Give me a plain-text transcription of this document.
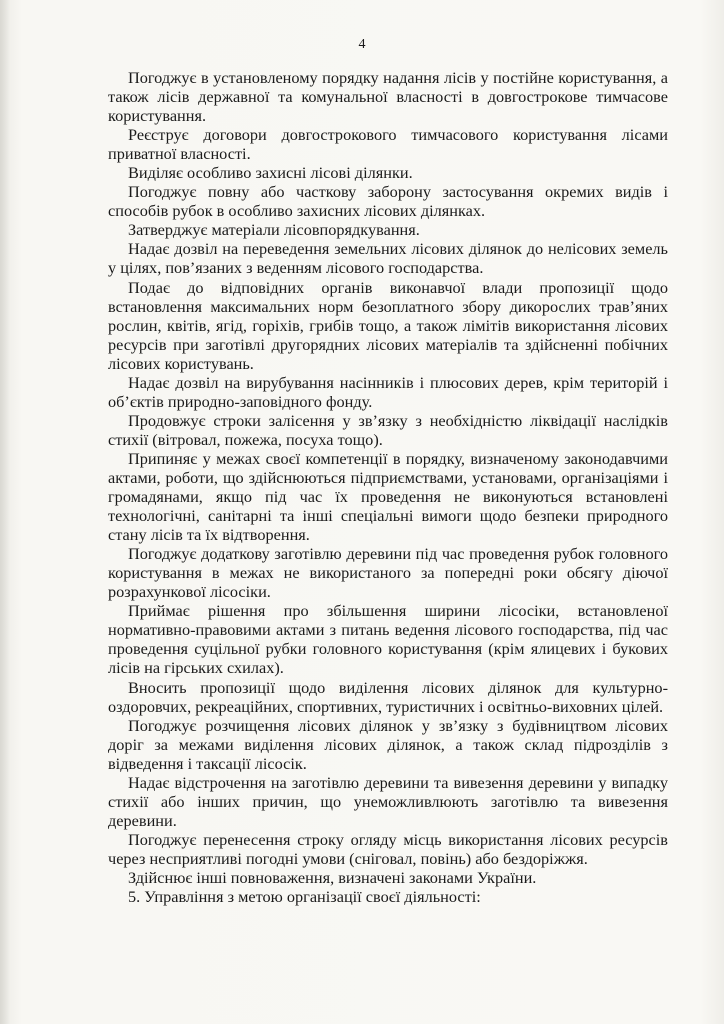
4

Погоджує в установленому порядку надання лісів у постійне користування, а також лісів державної та комунальної власності в довгострокове тимчасове користування.

Реєструє договори довгострокового тимчасового користування лісами приватної власності.

Виділяє особливо захисні лісові ділянки.

Погоджує повну або часткову заборону застосування окремих видів і способів рубок в особливо захисних лісових ділянках.

Затверджує матеріали лісовпорядкування.

Надає дозвіл на переведення земельних лісових ділянок до нелісових земель у цілях, пов’язаних з веденням лісового господарства.

Подає до відповідних органів виконавчої влади пропозиції щодо встановлення максимальних норм безоплатного збору дикорослих трав’яних рослин, квітів, ягід, горіхів, грибів тощо, а також лімітів використання лісових ресурсів при заготівлі другорядних лісових матеріалів та здійсненні побічних лісових користувань.

Надає дозвіл на вирубування насінників і плюсових дерев, крім територій і об’єктів природно-заповідного фонду.

Продовжує строки залісення у зв’язку з необхідністю ліквідації наслідків стихії (вітровал, пожежа, посуха тощо).

Припиняє у межах своєї компетенції в порядку, визначеному законодавчими актами, роботи, що здійснюються підприємствами, установами, організаціями і громадянами, якщо під час їх проведення не виконуються встановлені технологічні, санітарні та інші спеціальні вимоги щодо безпеки природного стану лісів та їх відтворення.

Погоджує додаткову заготівлю деревини під час проведення рубок головного користування в межах не використаного за попередні роки обсягу діючої розрахункової лісосіки.

Приймає рішення про збільшення ширини лісосіки, встановленої нормативно-правовими актами з питань ведення лісового господарства, під час проведення суцільної рубки головного користування (крім ялицевих і букових лісів на гірських схилах).

Вносить пропозиції щодо виділення лісових ділянок для культурно-оздоровчих, рекреаційних, спортивних, туристичних і освітньо-виховних цілей.

Погоджує розчищення лісових ділянок у зв’язку з будівництвом лісових доріг за межами виділення лісових ділянок, а також склад підрозділів з відведення і таксації лісосік.

Надає відстрочення на заготівлю деревини та вивезення деревини у випадку стихії або інших причин, що унеможливлюють заготівлю та вивезення деревини.

Погоджує перенесення строку огляду місць використання лісових ресурсів через несприятливі погодні умови (сніговал, повінь) або бездоріжжя.

Здійснює інші повноваження, визначені законами України.

5. Управління з метою організації своєї діяльності:
